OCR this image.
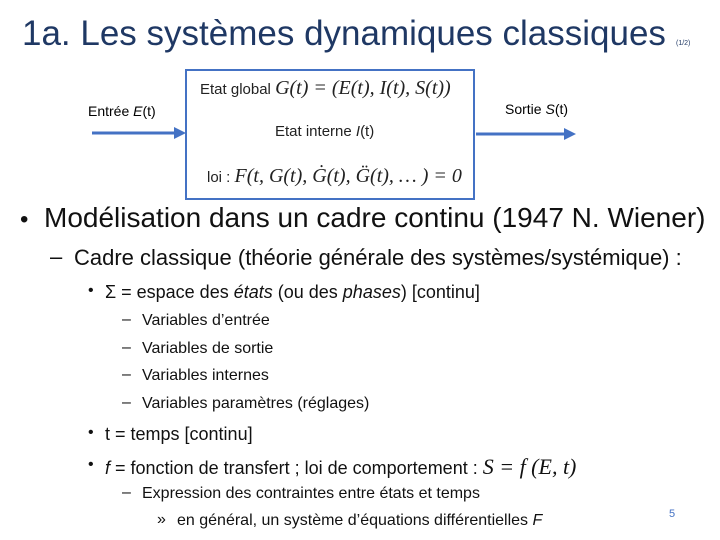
1a. Les systèmes dynamiques classiques (1/2)
Entrée E(t)
Etat global G(t) = (E(t), I(t), S(t))
Etat interne I(t)
loi : F(t, G(t), Ġ(t), G̈(t), … ) = 0
Sortie S(t)
• Modélisation dans un cadre continu (1947 N. Wiener)
– Cadre classique (théorie générale des systèmes/systémique) :
• Σ = espace des états (ou des phases) [continu]
– Variables d’entrée
– Variables de sortie
– Variables internes
– Variables paramètres (réglages)
• t = temps [continu]
• f = fonction de transfert ; loi de comportement : S = f (E, t)
– Expression des contraintes entre états et temps
» en général, un système d’équations différentielles F	5
